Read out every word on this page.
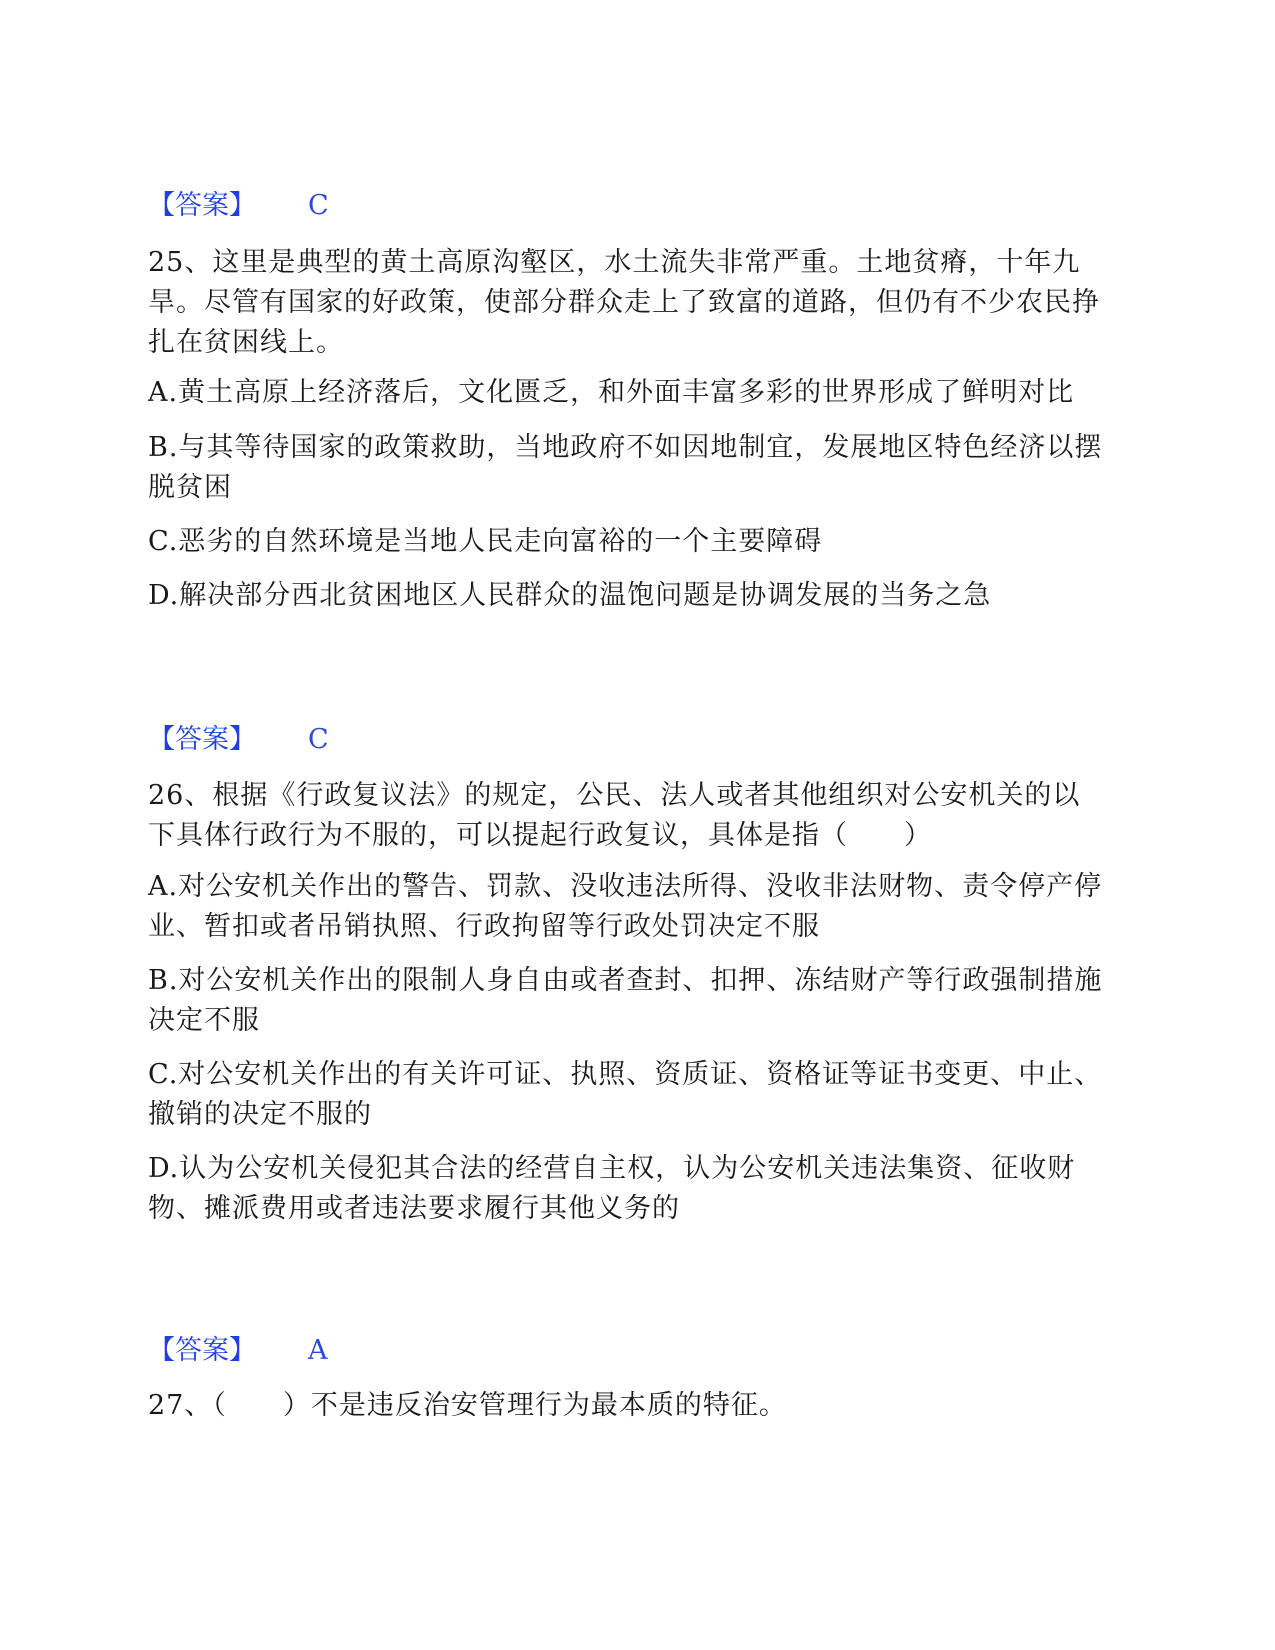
【答案】 C
25、这里是典型的黄土高原沟壑区，水土流失非常严重。土地贫瘠，十年九旱。尽管有国家的好政策，使部分群众走上了致富的道路，但仍有不少农民挣扎在贫困线上。
A.黄土高原上经济落后，文化匮乏，和外面丰富多彩的世界形成了鲜明对比
B.与其等待国家的政策救助，当地政府不如因地制宜，发展地区特色经济以摆脱贫困
C.恶劣的自然环境是当地人民走向富裕的一个主要障碍
D.解决部分西北贫困地区人民群众的温饱问题是协调发展的当务之急
【答案】 C
26、根据《行政复议法》的规定，公民、法人或者其他组织对公安机关的以下具体行政行为不服的，可以提起行政复议，具体是指（　　）
A.对公安机关作出的警告、罚款、没收违法所得、没收非法财物、责令停产停业、暂扣或者吊销执照、行政拘留等行政处罚决定不服
B.对公安机关作出的限制人身自由或者查封、扣押、冻结财产等行政强制措施决定不服
C.对公安机关作出的有关许可证、执照、资质证、资格证等证书变更、中止、撤销的决定不服的
D.认为公安机关侵犯其合法的经营自主权，认为公安机关违法集资、征收财物、摊派费用或者违法要求履行其他义务的
【答案】 A
27、（　　）不是违反治安管理行为最本质的特征。
